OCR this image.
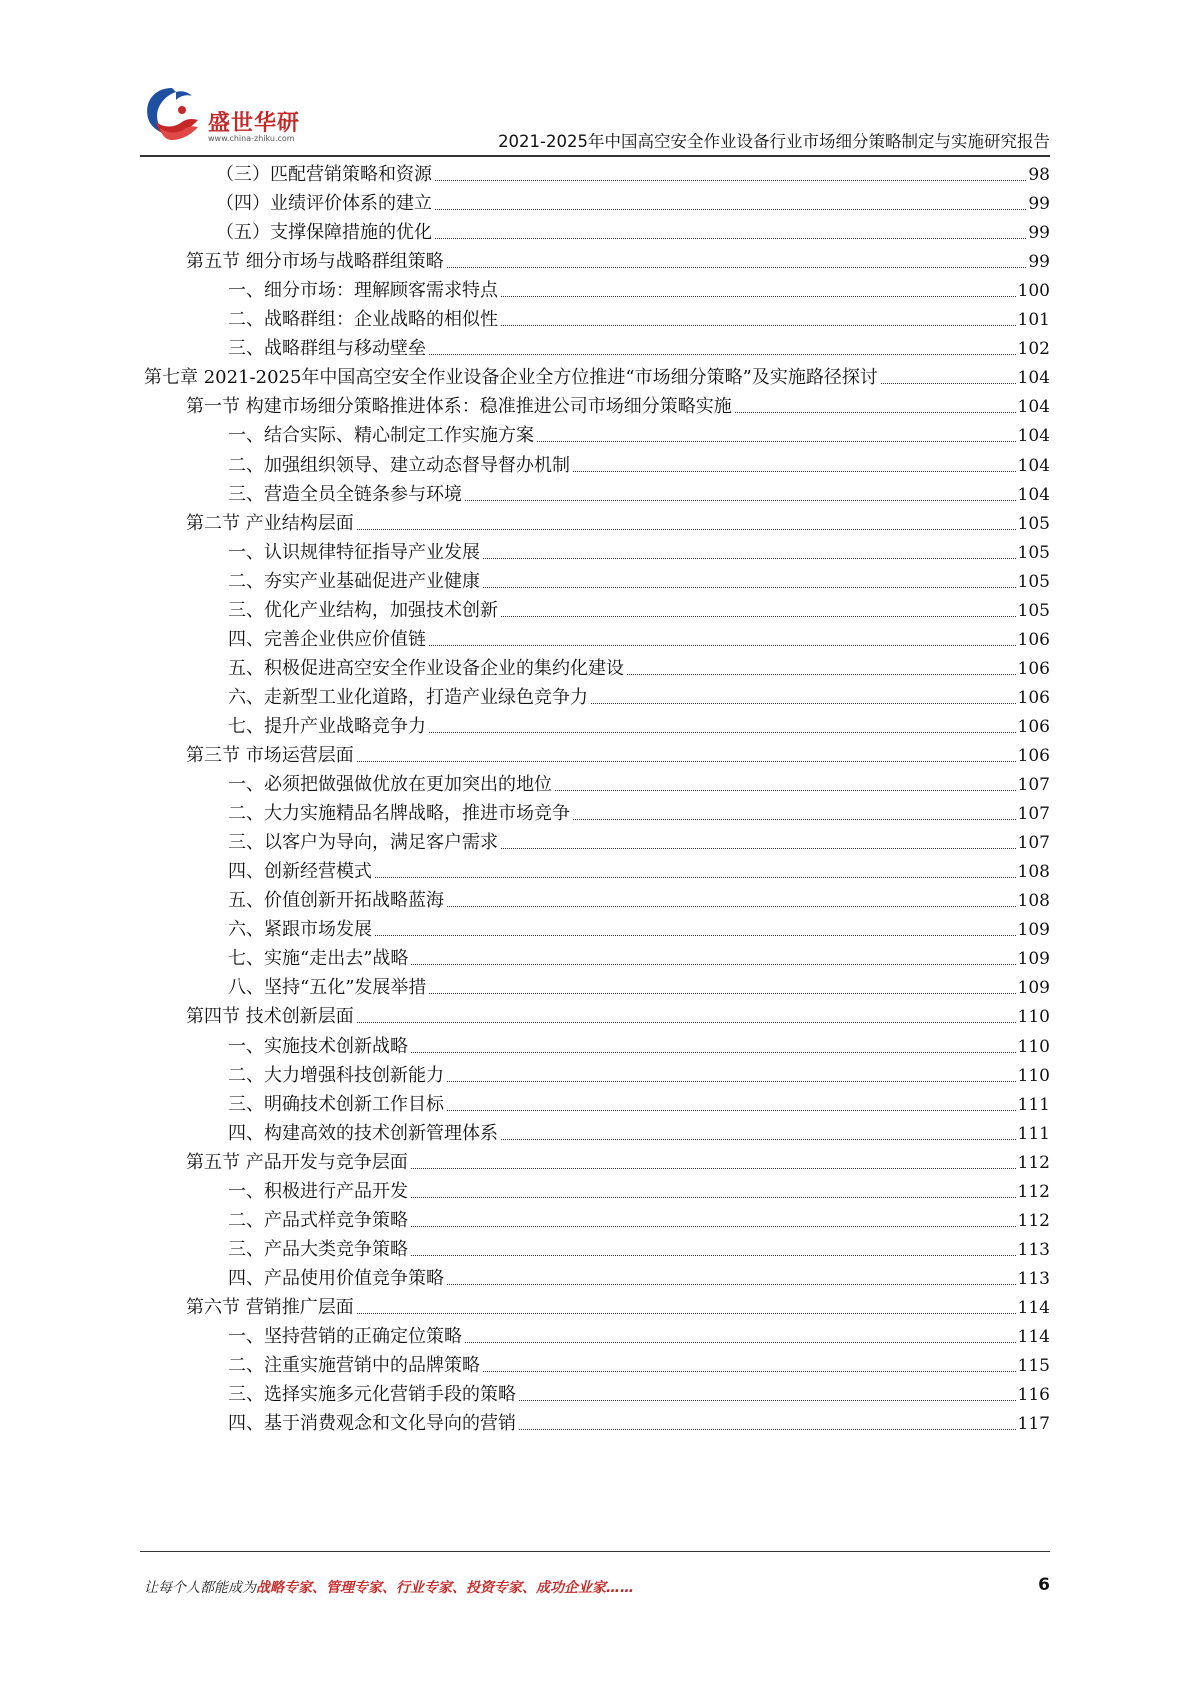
盛世华研
www.china-zhiku.com	2021-2025年中国高空安全作业设备行业市场细分策略制定与实施研究报告
（三）匹配营销策略和资源	98
（四）业绩评价体系的建立	99
（五）支撑保障措施的优化	99
第五节 细分市场与战略群组策略	99
一、细分市场：理解顾客需求特点	100
二、战略群组：企业战略的相似性	101
三、战略群组与移动壁垒	102
第七章 2021-2025年中国高空安全作业设备企业全方位推进“市场细分策略”及实施路径探讨	104
第一节 构建市场细分策略推进体系：稳准推进公司市场细分策略实施	104
一、结合实际、精心制定工作实施方案	104
二、加强组织领导、建立动态督导督办机制	104
三、营造全员全链条参与环境	104
第二节 产业结构层面	105
一、认识规律特征指导产业发展	105
二、夯实产业基础促进产业健康	105
三、优化产业结构，加强技术创新	105
四、完善企业供应价值链	106
五、积极促进高空安全作业设备企业的集约化建设	106
六、走新型工业化道路，打造产业绿色竞争力	106
七、提升产业战略竞争力	106
第三节 市场运营层面	106
一、必须把做强做优放在更加突出的地位	107
二、大力实施精品名牌战略，推进市场竞争	107
三、以客户为导向，满足客户需求	107
四、创新经营模式	108
五、价值创新开拓战略蓝海	108
六、紧跟市场发展	109
七、实施“走出去”战略	109
八、坚持“五化”发展举措	109
第四节 技术创新层面	110
一、实施技术创新战略	110
二、大力增强科技创新能力	110
三、明确技术创新工作目标	111
四、构建高效的技术创新管理体系	111
第五节 产品开发与竞争层面	112
一、积极进行产品开发	112
二、产品式样竞争策略	112
三、产品大类竞争策略	113
四、产品使用价值竞争策略	113
第六节 营销推广层面	114
一、坚持营销的正确定位策略	114
二、注重实施营销中的品牌策略	115
三、选择实施多元化营销手段的策略	116
四、基于消费观念和文化导向的营销	117
让每个人都能成为战略专家、管理专家、行业专家、投资专家、成功企业家……	6
